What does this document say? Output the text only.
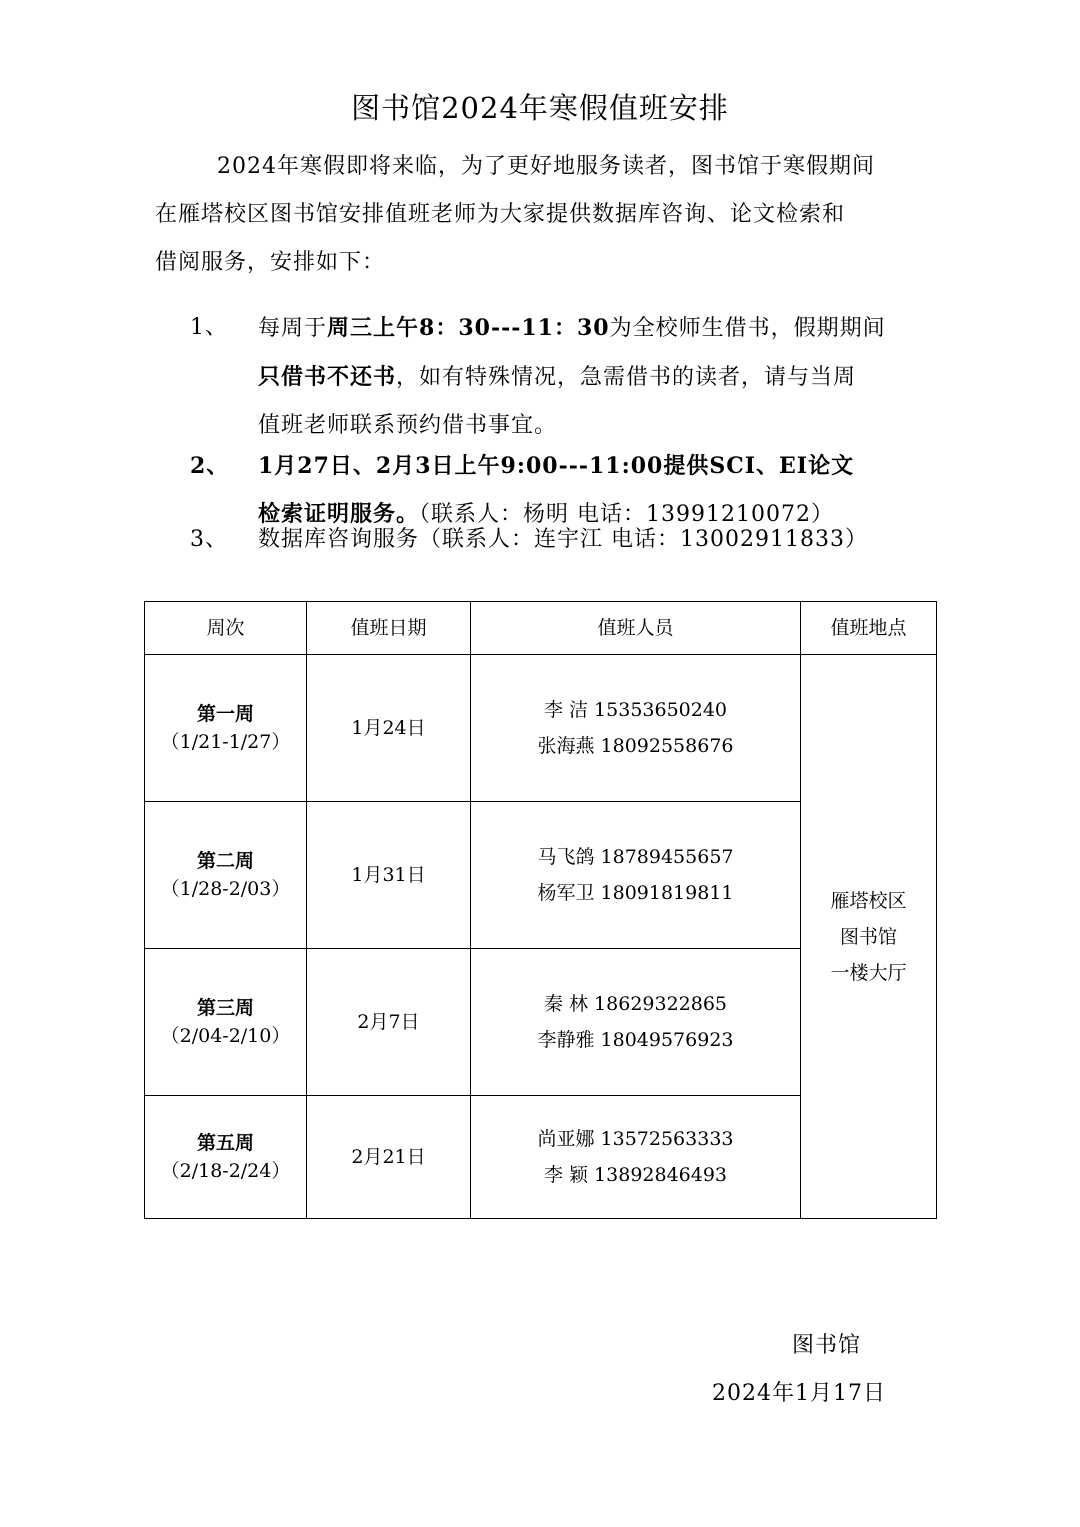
图书馆2024年寒假值班安排
2024年寒假即将来临，为了更好地服务读者，图书馆于寒假期间
在雁塔校区图书馆安排值班老师为大家提供数据库咨询、论文检索和
借阅服务，安排如下：
1、	每周于周三上午8：30---11：30为全校师生借书，假期期间
只借书不还书，如有特殊情况，急需借书的读者，请与当周
值班老师联系预约借书事宜。
2、	1月27日、2月3日上午9:00---11:00提供SCI、EI论文
检索证明服务。（联系人：杨明 电话：13991210072）
3、	数据库咨询服务（联系人：连宇江 电话：13002911833）
周次	值班日期	值班人员	值班地点

第一周
（1/21-1/27）	1月24日	李 洁 15353650240
张海燕 18092558676	雁塔校区
图书馆
一楼大厅

第二周
（1/28-2/03）	1月31日	马飞鸽 18789455657
杨军卫 18091819811	

第三周
（2/04-2/10）	2月7日	秦 林 18629322865
李静雅 18049576923	

第五周
（2/18-2/24）	2月21日	尚亚娜 13572563333
李 颖 13892846493	
图书馆
2024年1月17日
